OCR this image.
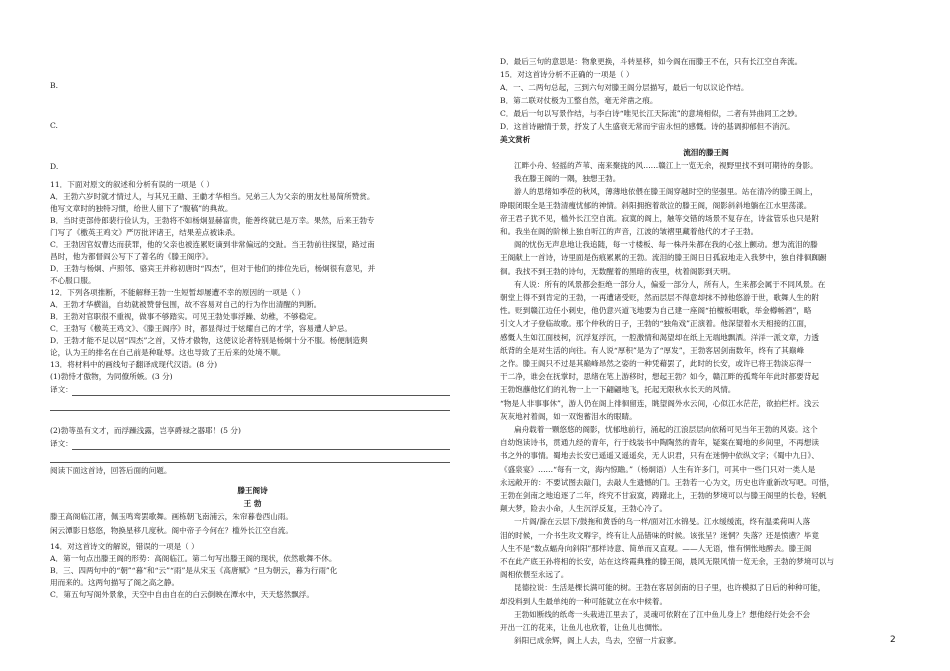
B.
C.
D.
11．下面对原文的叙述和分析有误的一项是（ ）
A．王勃六岁时就才情过人，与其兄王勔、王勮才华相当。兄弟三人为父亲的朋友杜易简所赞赏。
他写文章时的独特习惯，给世人留下了“腹稿”的典故。
B．当时吏部侍郎裴行俭认为，王勃将不如杨炯显赫富贵，能善终就已是万幸。果然，后来王勃专
门写了《檄英王鸡文》严厉批评诸王，结果差点被诛杀。
C．王勃因官奴曹达而获罪，他的父亲也被连累贬谪到非常偏远的交趾。当王勃前往探望，路过南
昌时，他为都督阎公写下了著名的《滕王阁序》。
D．王勃与杨炯、卢照邻、骆宾王并称初唐时“四杰”，但对于他们的排位先后，杨炯很有意见，并
不心服口服。
12．下列各项推断，不能解释王勃一生短暂却屡遭不幸的原因的一项是（ ）
A．王勃才华横溢，自幼就被赞誉包围，故不容易对自己的行为作出清醒的判断。
B．王勃对官职很不重视，做事不够踏实。可见王勃处事浮躁、幼稚，不够稳定。
C．王勃写《檄英王鸡文》、《滕王阁序》时，都显得过于炫耀自己的才学，容易遭人妒忌。
D．王勃才能不足以居“四杰”之首，又恃才傲物，这使议论者特别是杨炯十分不服。杨便制造舆
论，认为王的排名在自己前是种耻辱。这也导致了王后来的处境不顺。
13．将材料中的画线句子翻译成现代汉语。(8 分)
(1)勃恃才傲物，为同僚所嫉。(3 分)
译文：
(2)勃等虽有文才，而浮躁浅露，岂享爵禄之器耶！(5 分)
译文：
阅读下面这首诗，回答后面的问题。
滕王阁诗
王 勃
滕王高阁临江渚，佩玉鸣鸾罢歌舞。画栋朝飞南浦云，朱帘暮卷西山雨。
闲云潭影日悠悠，物换星移几度秋。阁中帝子今何在？槛外长江空自流。
14．对这首诗文的解说，错误的一项是（ ）
A．第一句点出滕王阁的形势：高阁临江。第二句写出滕王阁的现状，依然歌舞不休。
B．三、四两句中的“朝”“暮”和“云”“雨”是从宋玉《高唐赋》“旦为朝云，暮为行雨”化
用而来的。这两句描写了阁之高之静。
C．第五句写阁外景象，天空中自由自在的白云倒映在潭水中，天天悠然飘浮。
D．最后三句的意思是：物象更换，斗转星移，如今阁在而滕王不在，只有长江空自奔流。
15．对这首诗分析不正确的一项是（ ）
A．一、二两句总起，三到六句对滕王阁分层描写，最后一句以议论作结。
B．第二联对仗极为工整自然，毫无斧凿之痕。
C．最后一句以写景作结，与李白诗“唯见长江天际流”的意境相似，二者有异曲同工之妙。
D．这首诗融情于景，抒发了人生盛衰无常而宇宙永恒的感慨。诗的基调抑郁但不消沉。
美文赏析
流泪的滕王阁
江畔小舟、轻摇的芦苇、南来聚拢的风……赣江上一览无余，视野里找不到可期待的身影。
我在滕王阁的一隅，独想王勃。
游人的思绪如季莅的秋风，薄薄地依偎在滕王阁穿越时空的坚强里。站在清冷的滕王阁上，
睁眼闭眼全是王勃清瘦忧郁的神情。斜阳拥抱着欲泣的滕王阁，阁影斜斜地躺在江水里荡漾。
帝王君子犹不见，槛外长江空自流。寂寞的阁上，触等交错的场景不复存在，诗盆管乐也只是附
和。我坐在阁的阶梯上独自听江的声音，江波的皱褶里藏着他代的才子王勃。
阁的忧伤无声息地让我追随，每一寸楼板、每一株丹朱都在我的心弦上颤动。想为流泪的滕
王阁献上一首诗，诗里面是伤痕累累的王勃。流泪的滕王阁日日孤寂地走入我梦中，独自徘徊踟蹰
徊。我找不到王勃的诗句，无数醒着的黑暗的夜里，枕着阁影到天明。
有人说：所有的风景都会拒绝一部分人，偏爱一部分人，所有人，生来都会属于不同风景。在
朝堂上得不到肯定的王勃，一再遭诸受贬，然而层层不得意却抹不掉他悠游于世，歌舞人生的附
性。贬到赣江边任小刺史，他仍意兴道飞地要为自己建一座阁“拍檀板唱歌，举金樽畅酒”，略
引文人才子登临故歌。那个仲秋的日子，王勃的“独角戏”正演着。他深望着水天相接的江面，
感慨人生如江面枝柯，沉浮复浮沉，一腔激情和渴望却在纸上无端地飘洒。洋洋一派文章，力透
纸背的全是对生活的向往。有人说“厚积”是为了“厚发”，王勃客居剑南数年，终有了其巅峰
之作。滕王阁只不过是其巅峰昂然之姿的一种凭藉罢了，此时的长安，或许已将王勃淡忘得一
干二净，谁会在抚掌时，思绪在笔上游移时，想起王勃？如今，赣江畔的孤骛年年此时都要背起
王勃饱蘸他忆们的礼物一上一下翩翩地飞，托起无限秋水长天的风情。
“物是人非事事休”，游人仍在阁上徘徊留连，眺望阁外水云间，心似江水茫茫，欲拍栏杆。浅云
灰灰地衬着阁，如一双饱蓄泪水的眼睛。
扁舟载着一颗悠悠的阁影，忧郁地前行，涌起的江浪层层向依稀可见当年王勃的风姿。这个
自幼饱读诗书，贯通九经的青年，行于线装书中陶陶然的青年，疑案在蜀地的乡间里，不再想读
书之外的事情。蜀地去长安已遥遥又遥遥矣，无人识君，只有在迷惘中依纵文字；《蜀中九日》、
《盛泉宴》……“每有一文，海内惊瞻。”（杨炯语）人生有许多门，可其中一些门只对一类人是
永远敞开的：不要试图去敲门，去敲人生遗憾的门。王勃若一心为文，历史也许重新改写吧。可惜，
王勃在剑南之地追逐了二年，终究不甘寂寞，踌躇北上，王勃的梦境可以与滕王阁里的长卷，轻帆
颠大梦，险去小命，人生沉浮反复，王勃心冷了。
一片阁/滁在云层下/鼓拖和黄昏的乌一样/面对江水锦旻。江水缓缓流，终有温柔荷叫人落
泪的时候，一介书生攻文嘚字，终有让人品错味的时候。该张呈？迷惘？失落？还是愤懑？毕竟
人生不是“数点蝠舟向斜阳”那样诗意、简单而又直观。——人无语，惟有惘怅地醉去。滕王阁
不在此产底王孙将相的长安，站在这终霞典雅的滕王阁，晨风无限风情一览无余，王勃的梦境可以与
阁相依偎至永远了。
昆德拉说：生活是棵长满可能的树。王勃在客居剑南的日子里，也许模拟了日后的种种可能，
却没料到人生最单纯的一种可能就立在水中候着。
王勃如断线的纸鸢一头栽进江里去了，灵魂可依附在了江中鱼儿身上？想他经行处会不会
开出一江的花来，让鱼儿也欣着，让鱼儿也惆怅。
斜阳已成余辉，阁上人去，鸟去，空留一片寂寥。	2
